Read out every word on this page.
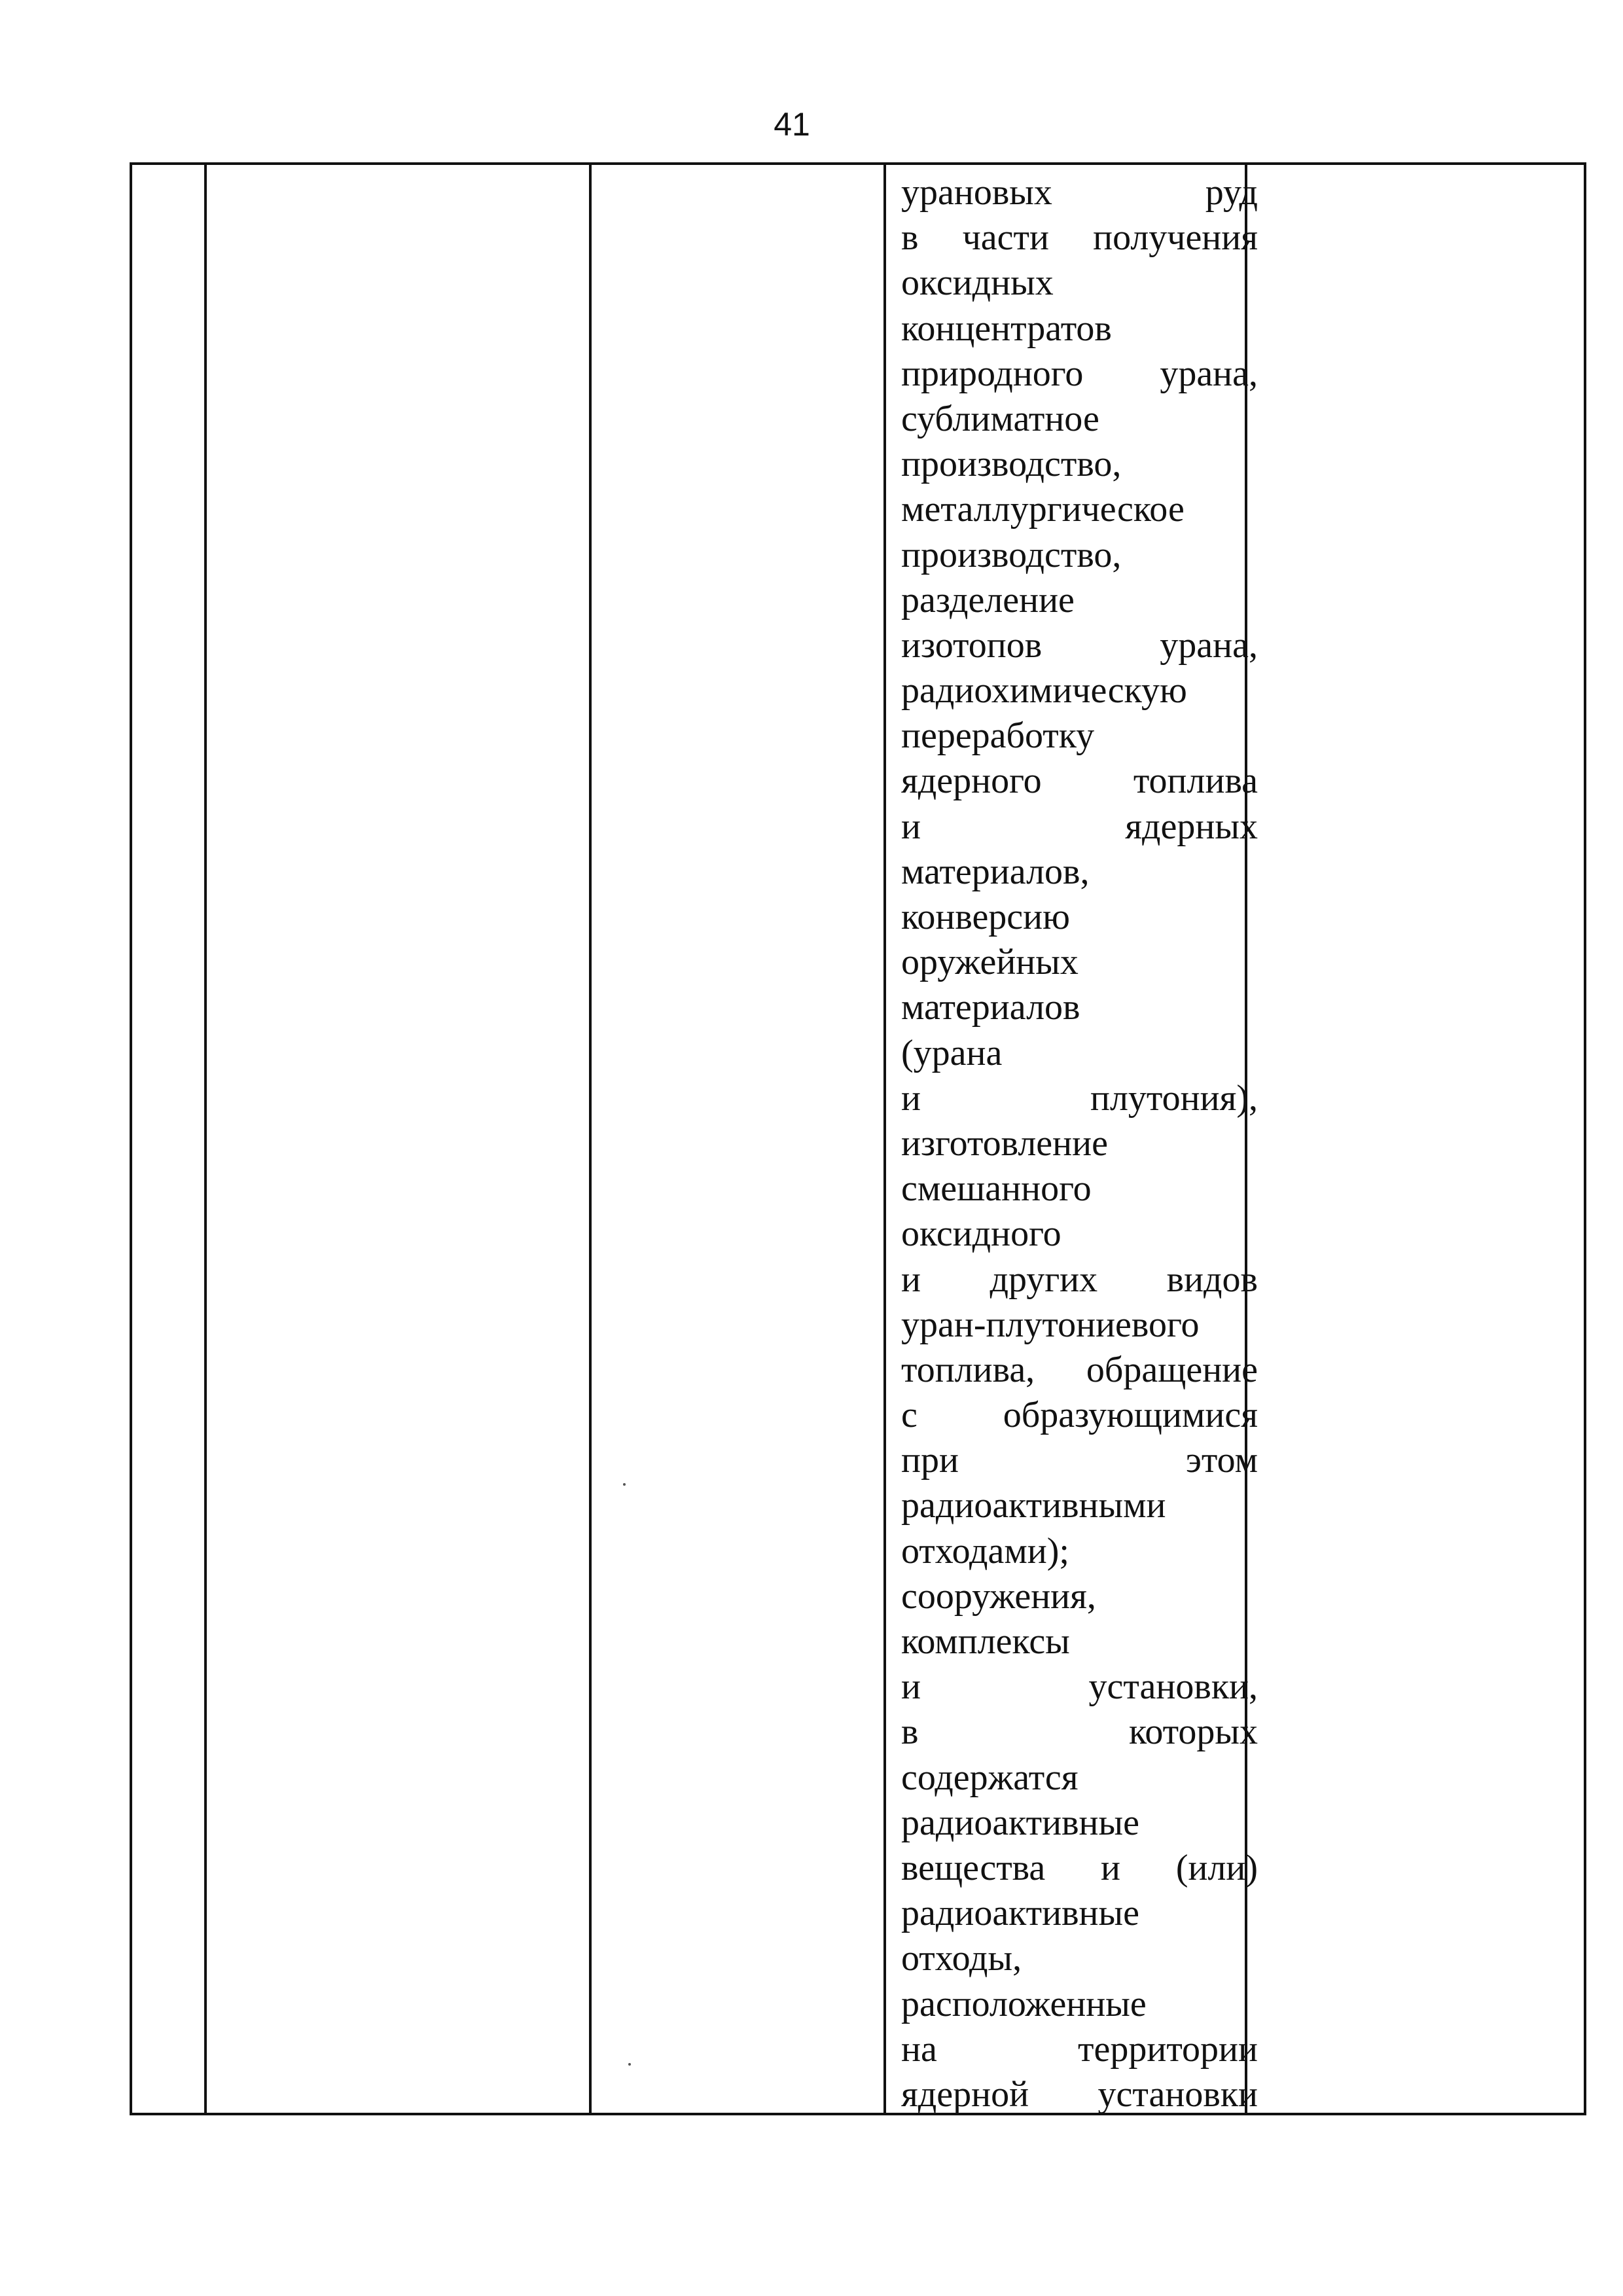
41
урановых руд
в части получения
оксидных
концентратов
природного урана,
сублиматное
производство,
металлургическое
производство,
разделение
изотопов урана,
радиохимическую
переработку
ядерного топлива
и ядерных
материалов,
конверсию
оружейных
материалов
(урана
и плутония),
изготовление
смешанного
оксидного
и других видов
уран-плутониевого
топлива, обращение
с образующимися
при этом
радиоактивными
отходами);
сооружения,
комплексы
и установки,
в которых
содержатся
радиоактивные
вещества и (или)
радиоактивные
отходы,
расположенные
на территории
ядерной установки
